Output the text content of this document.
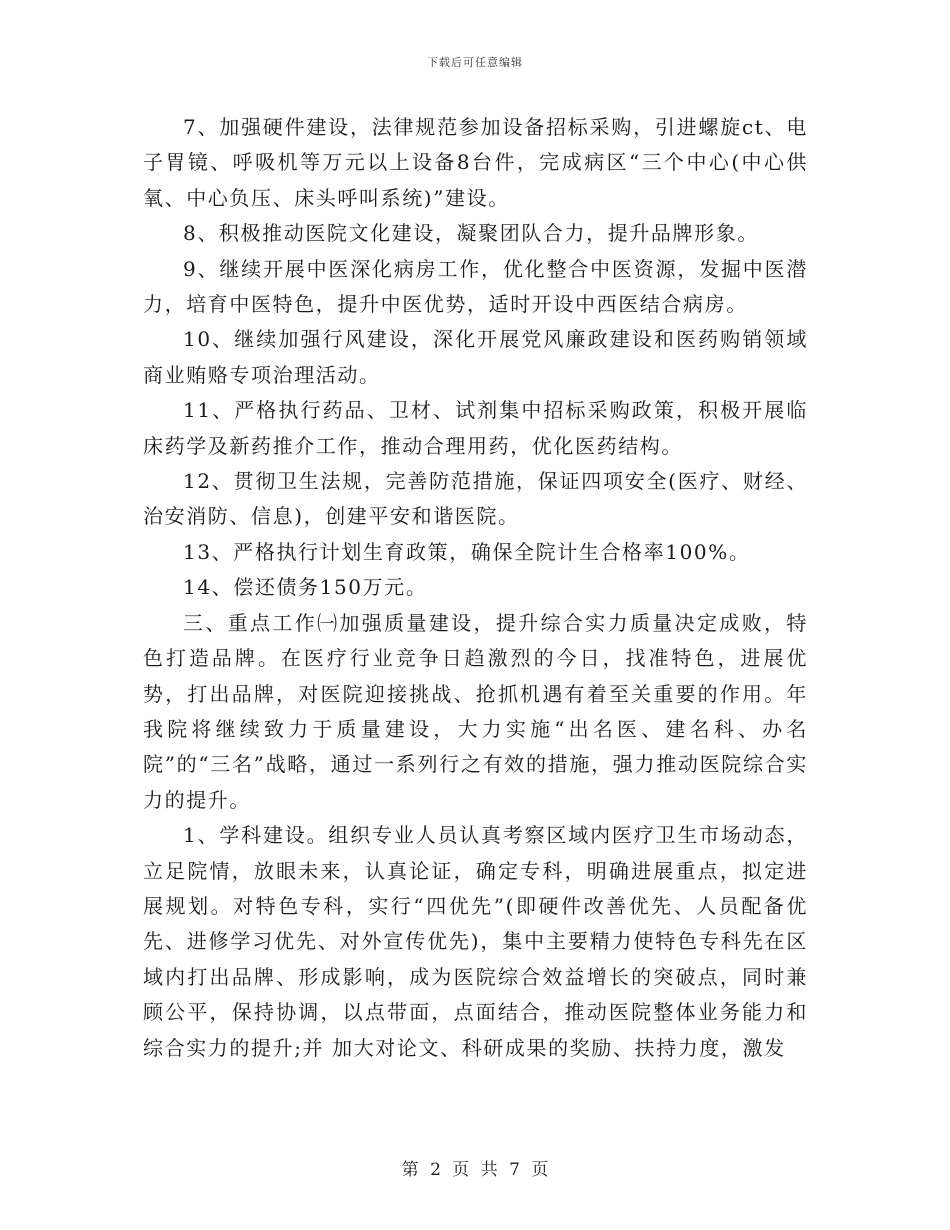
下载后可任意编辑

7、加强硬件建设，法律规范参加设备招标采购，引进螺旋ct、电子胃镜、呼吸机等万元以上设备8台件，完成病区“三个中心(中心供氧、中心负压、床头呼叫系统)”建设。

8、积极推动医院文化建设，凝聚团队合力，提升品牌形象。

9、继续开展中医深化病房工作，优化整合中医资源，发掘中医潜力，培育中医特色，提升中医优势，适时开设中西医结合病房。

10、继续加强行风建设，深化开展党风廉政建设和医药购销领域商业贿赂专项治理活动。

11、严格执行药品、卫材、试剂集中招标采购政策，积极开展临床药学及新药推介工作，推动合理用药，优化医药结构。

12、贯彻卫生法规，完善防范措施，保证四项安全(医疗、财经、治安消防、信息)，创建平安和谐医院。

13、严格执行计划生育政策，确保全院计生合格率100%。

14、偿还债务150万元。

三、重点工作㈠加强质量建设，提升综合实力质量决定成败，特色打造品牌。在医疗行业竞争日趋激烈的今日，找准特色，进展优势，打出品牌，对医院迎接挑战、抢抓机遇有着至关重要的作用。年我院将继续致力于质量建设，大力实施“出名医、建名科、办名院”的“三名”战略，通过一系列行之有效的措施，强力推动医院综合实力的提升。

1、学科建设。组织专业人员认真考察区域内医疗卫生市场动态，立足院情，放眼未来，认真论证，确定专科，明确进展重点，拟定进展规划。对特色专科，实行“四优先”(即硬件改善优先、人员配备优先、进修学习优先、对外宣传优先)，集中主要精力使特色专科先在区域内打出品牌、形成影响，成为医院综合效益增长的突破点，同时兼顾公平，保持协调，以点带面，点面结合，推动医院整体业务能力和综合实力的提升;并 加大对论文、科研成果的奖励、扶持力度，激发

第 2 页 共 7 页
